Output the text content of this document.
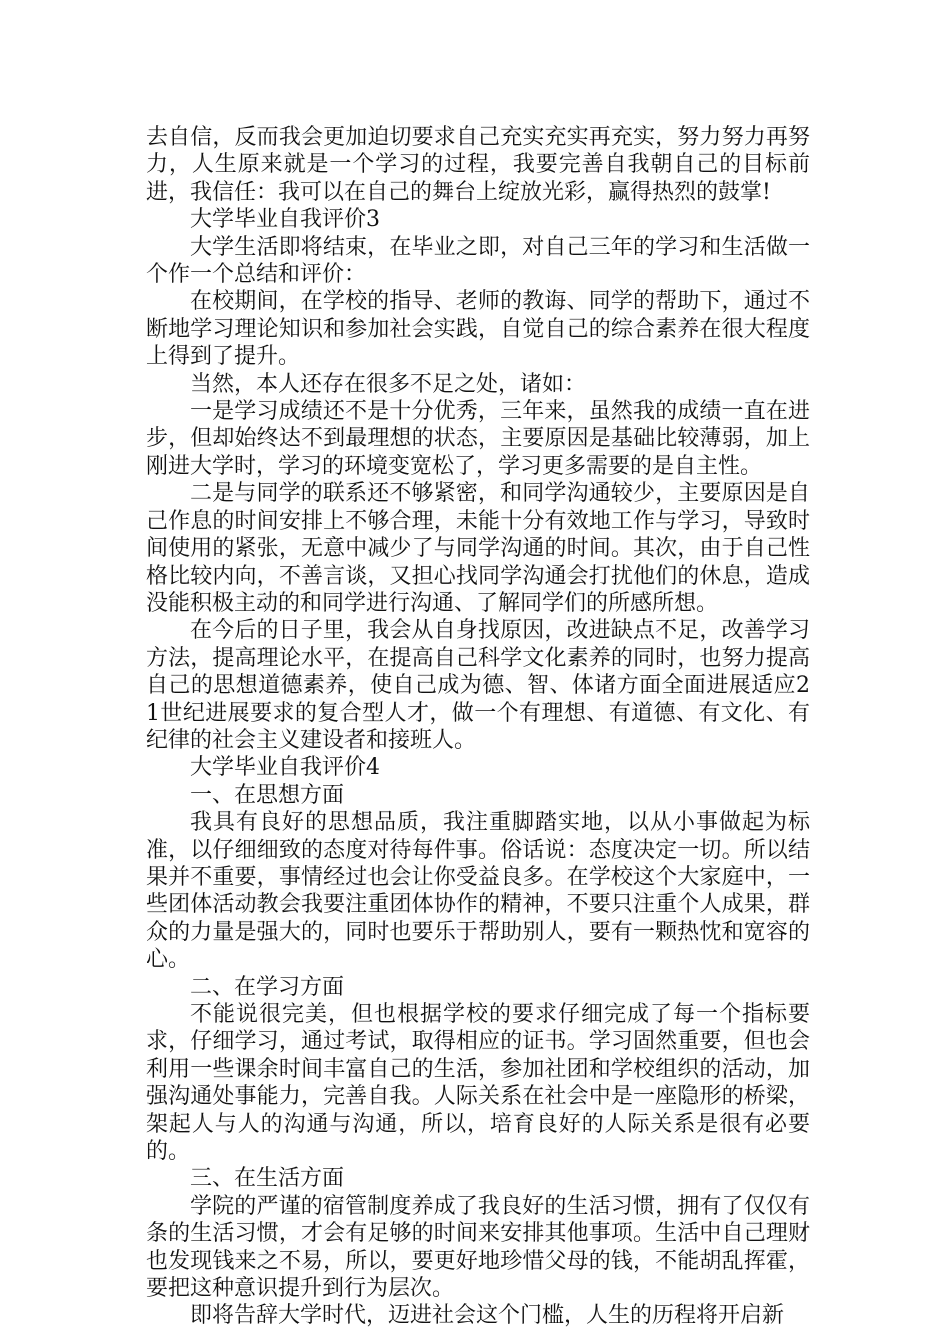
去自信，反而我会更加迫切要求自己充实充实再充实，努力努力再努力，人生原来就是一个学习的过程，我要完善自我朝自己的目标前进，我信任：我可以在自己的舞台上绽放光彩，赢得热烈的鼓掌!

大学毕业自我评价3

大学生活即将结束，在毕业之即，对自己三年的学习和生活做一个作一个总结和评价：

在校期间，在学校的指导、老师的教诲、同学的帮助下，通过不断地学习理论知识和参加社会实践，自觉自己的综合素养在很大程度上得到了提升。

当然，本人还存在很多不足之处，诸如：

一是学习成绩还不是十分优秀，三年来，虽然我的成绩一直在进步，但却始终达不到最理想的状态，主要原因是基础比较薄弱，加上刚进大学时，学习的环境变宽松了，学习更多需要的是自主性。

二是与同学的联系还不够紧密，和同学沟通较少，主要原因是自己作息的时间安排上不够合理，未能十分有效地工作与学习，导致时间使用的紧张，无意中减少了与同学沟通的时间。其次，由于自己性格比较内向，不善言谈，又担心找同学沟通会打扰他们的休息，造成没能积极主动的和同学进行沟通、了解同学们的所感所想。

在今后的日子里，我会从自身找原因，改进缺点不足，改善学习方法，提高理论水平，在提高自己科学文化素养的同时，也努力提高自己的思想道德素养，使自己成为德、智、体诸方面全面进展适应21世纪进展要求的复合型人才，做一个有理想、有道德、有文化、有纪律的社会主义建设者和接班人。

大学毕业自我评价4

一、在思想方面

我具有良好的思想品质，我注重脚踏实地，以从小事做起为标准，以仔细细致的态度对待每件事。俗话说：态度决定一切。所以结果并不重要，事情经过也会让你受益良多。在学校这个大家庭中，一些团体活动教会我要注重团体协作的精神，不要只注重个人成果，群众的力量是强大的，同时也要乐于帮助别人，要有一颗热忱和宽容的心。

二、在学习方面

不能说很完美，但也根据学校的要求仔细完成了每一个指标要求，仔细学习，通过考试，取得相应的证书。学习固然重要，但也会利用一些课余时间丰富自己的生活，参加社团和学校组织的活动，加强沟通处事能力，完善自我。人际关系在社会中是一座隐形的桥梁，架起人与人的沟通与沟通，所以，培育良好的人际关系是很有必要的。

三、在生活方面

学院的严谨的宿管制度养成了我良好的生活习惯，拥有了仅仅有条的生活习惯，才会有足够的时间来安排其他事项。生活中自己理财也发现钱来之不易，所以，要更好地珍惜父母的钱，不能胡乱挥霍，要把这种意识提升到行为层次。

即将告辞大学时代，迈进社会这个门槛，人生的历程将开启新
